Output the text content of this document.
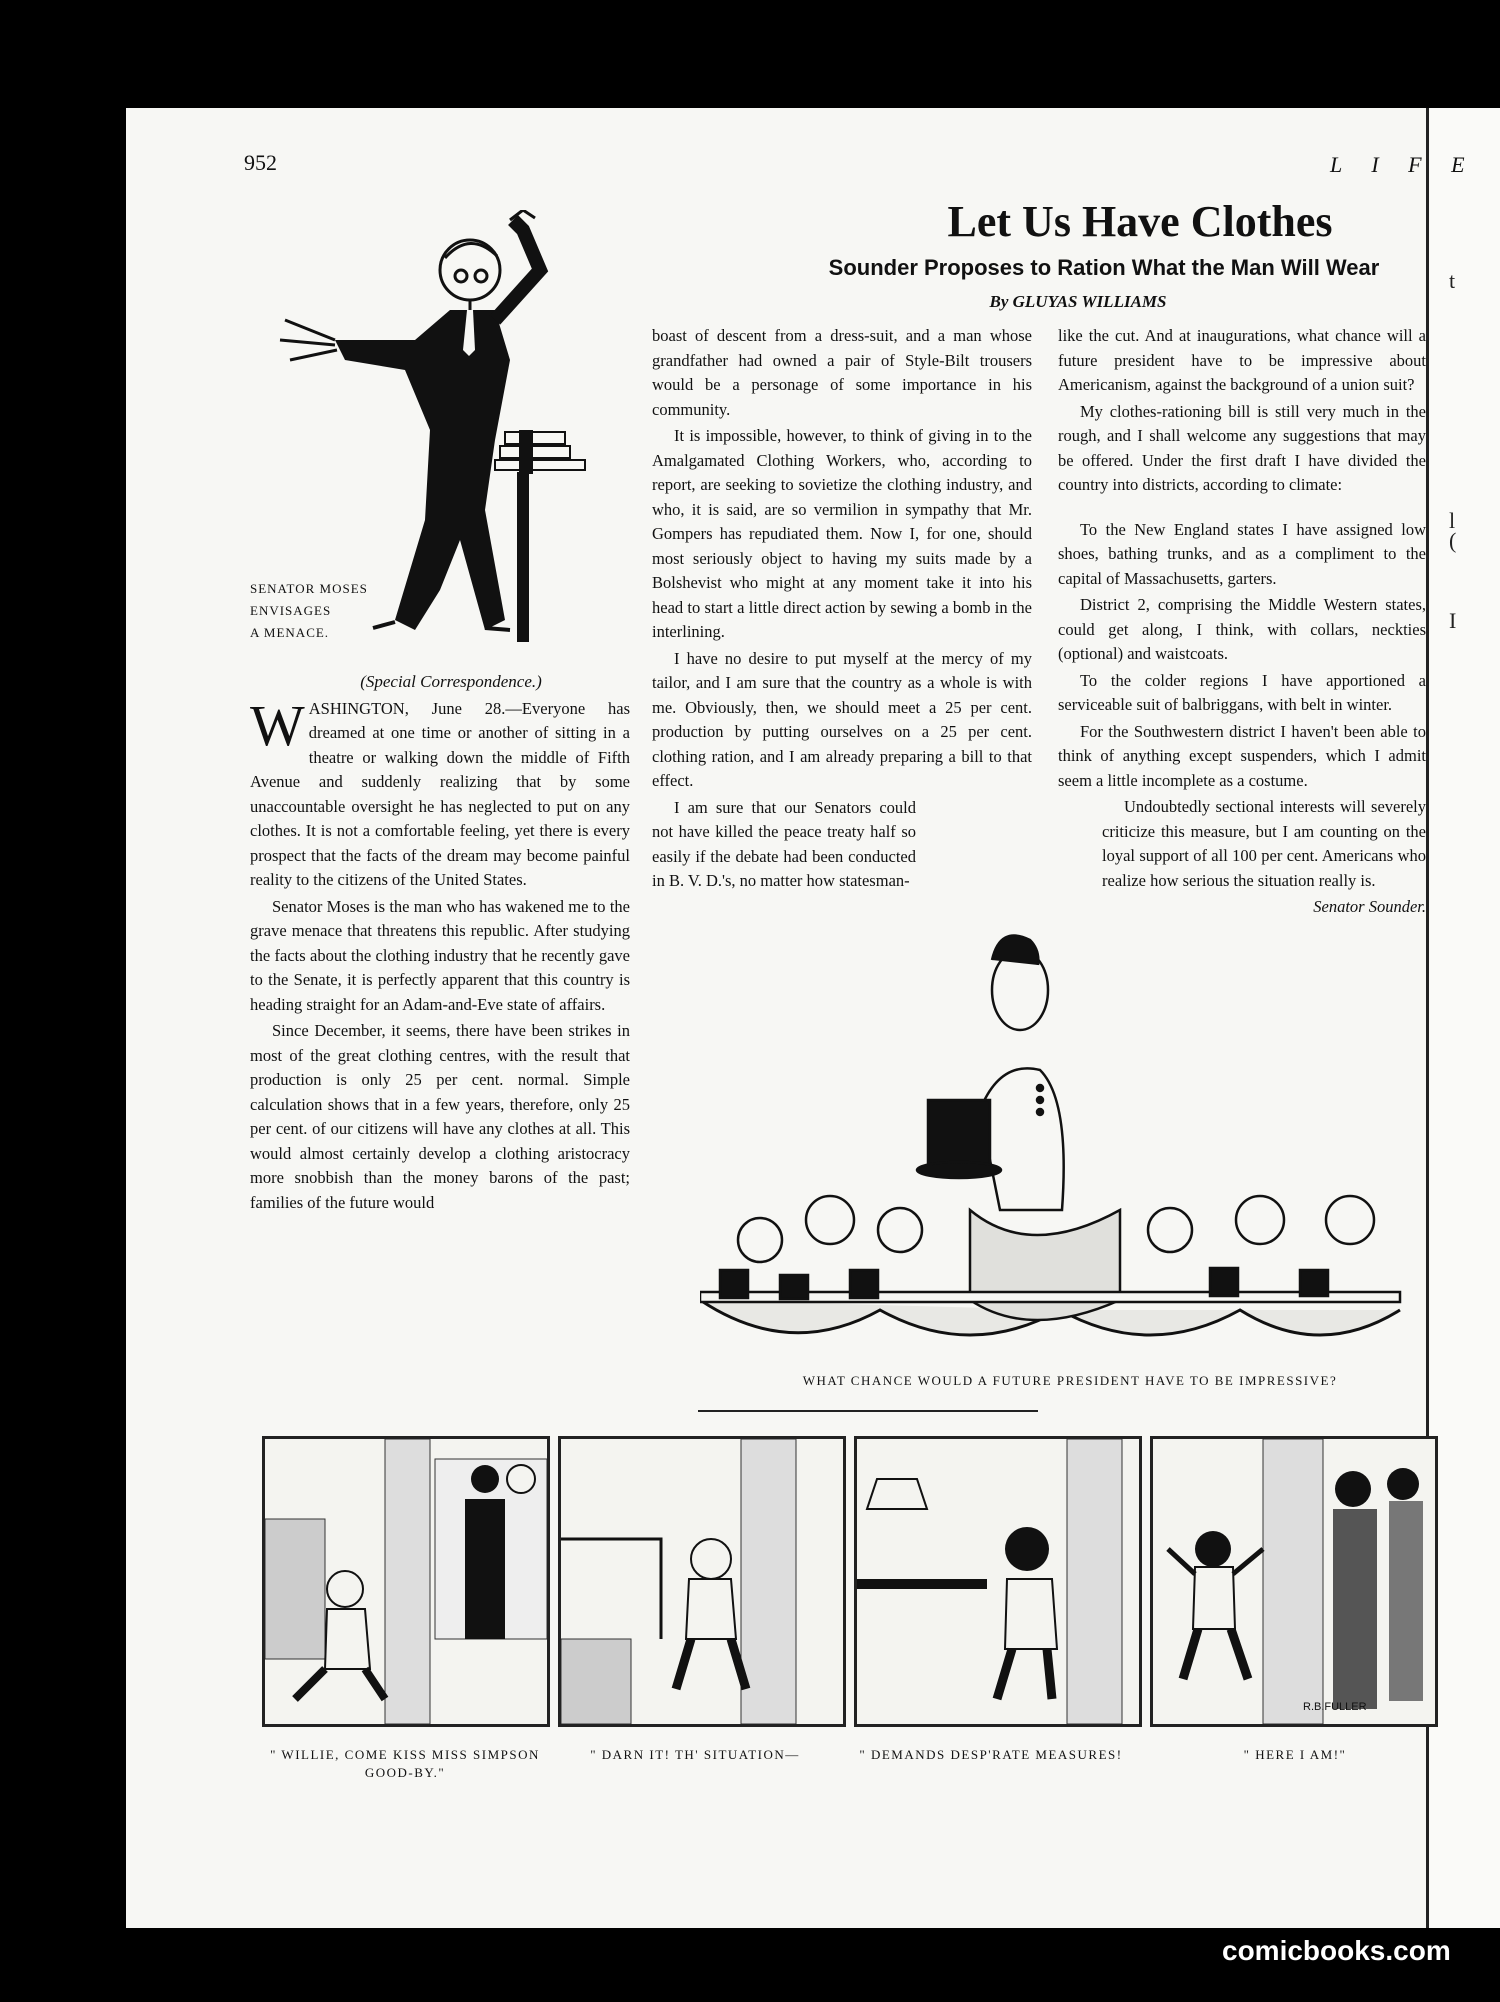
t
l
(
I
952	L I F E
Let Us Have Clothes
Sounder Proposes to Ration What the Man Will Wear
By GLUYAS WILLIAMS
SENATOR MOSES
ENVISAGES
A MENACE.

(Special Correspondence.)

WASHINGTON, June 28.—Everyone has dreamed at one time or another of sitting in a theatre or walking down the middle of Fifth Avenue and suddenly realizing that by some unaccountable oversight he has neglected to put on any clothes. It is not a comfortable feeling, yet there is every prospect that the facts of the dream may become painful reality to the citizens of the United States.

Senator Moses is the man who has wakened me to the grave menace that threatens this republic. After studying the facts about the clothing industry that he recently gave to the Senate, it is perfectly apparent that this country is heading straight for an Adam-and-Eve state of affairs.

Since December, it seems, there have been strikes in most of the great clothing centres, with the result that production is only 25 per cent. normal. Simple calculation shows that in a few years, therefore, only 25 per cent. of our citizens will have any clothes at all. This would almost certainly develop a clothing aristocracy more snobbish than the money barons of the past; families of the future would

boast of descent from a dress-suit, and a man whose grandfather had owned a pair of Style-Bilt trousers would be a personage of some importance in his community.

It is impossible, however, to think of giving in to the Amalgamated Clothing Workers, who, according to report, are seeking to sovietize the clothing industry, and who, it is said, are so vermilion in sympathy that Mr. Gompers has repudiated them. Now I, for one, should most seriously object to having my suits made by a Bolshevist who might at any moment take it into his head to start a little direct action by sewing a bomb in the interlining.

I have no desire to put myself at the mercy of my tailor, and I am sure that the country as a whole is with me. Obviously, then, we should meet a 25 per cent. production by putting ourselves on a 25 per cent. clothing ration, and I am already preparing a bill to that effect.

I am sure that our Senators could not have killed the peace treaty half so easily if the debate had been conducted in B. V. D.'s, no matter how statesman-

like the cut. And at inaugurations, what chance will a future president have to be impressive about Americanism, against the background of a union suit?

My clothes-rationing bill is still very much in the rough, and I shall welcome any suggestions that may be offered. Under the first draft I have divided the country into districts, according to climate:

To the New England states I have assigned low shoes, bathing trunks, and as a compliment to the capital of Massachusetts, garters.

District 2, comprising the Middle Western states, could get along, I think, with collars, neckties (optional) and waistcoats.

To the colder regions I have apportioned a serviceable suit of balbriggans, with belt in winter.

For the Southwestern district I haven't been able to think of anything except suspenders, which I admit seem a little incomplete as a costume.

Undoubtedly sectional interests will severely criticize this measure, but I am counting on the loyal support of all 100 per cent. Americans who realize how serious the situation really is.

Senator Sounder.
WHAT CHANCE WOULD A FUTURE PRESIDENT HAVE TO BE IMPRESSIVE?
R.B.FULLER
" WILLIE, COME KISS MISS SIMPSON GOOD-BY."
" DARN IT! TH' SITUATION—	" DEMANDS DESP'RATE MEASURES!	" HERE I AM!"
comicbooks.com
